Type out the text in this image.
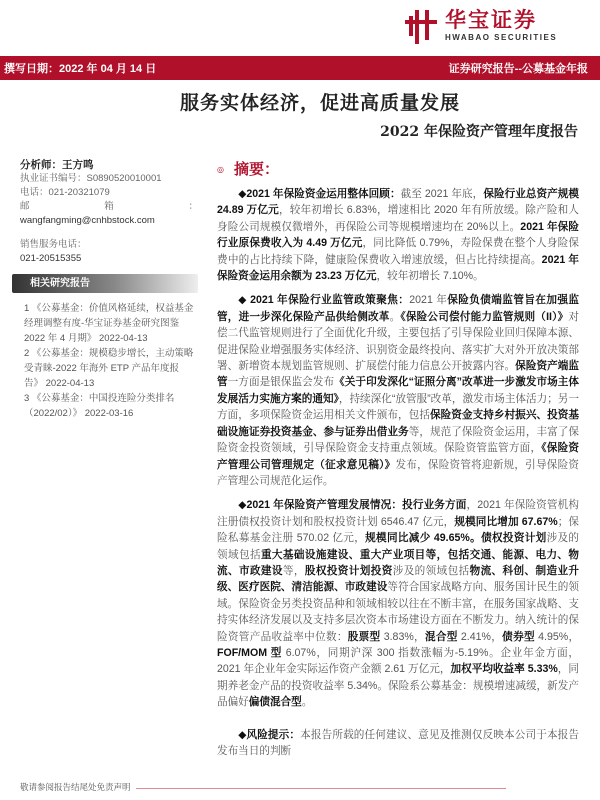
华宝证券
HWABAO SECURITIES
撰写日期：2022 年 04 月 14 日	证券研究报告--公募基金年报
服务实体经济，促进高质量发展
2022 年保险资产管理年度报告
分析师：王方鸣
执业证书编号：S0890520010001
电话：021-20321079
邮	箱	：
wangfangming@cnhbstock.com
销售服务电话：
021-20515355
相关研究报告
1 《公募基金：价值风格延续，权益基金经理调整有度-华宝证券基金研究图鉴 2022 年 4 月期》 2022-04-13
2 《公募基金：规模稳步增长，主动策略受青睐-2022 年海外 ETP 产品年度报告》 2022-04-13
3 《公募基金：中国投连险分类排名（2022/02）》 2022-03-16
◎ 摘要：

◆2021 年保险资金运用整体回顾：截至 2021 年底，保险行业总资产规模 24.89 万亿元，较年初增长 6.83%，增速相比 2020 年有所放缓。除产险和人身险公司规模仅微增外，再保险公司等规模增速均在 20%以上。2021 年保险行业原保费收入为 4.49 万亿元，同比降低 0.79%，寿险保费在整个人身险保费中的占比持续下降，健康险保费收入增速放缓，但占比持续提高。2021 年保险资金运用余额为 23.23 万亿元，较年初增长 7.10%。

◆ 2021 年保险行业监管政策聚焦：2021 年保险负债端监管旨在加强监管，进一步深化保险产品供给侧改革。《保险公司偿付能力监管规则（II）》对偿二代监管规则进行了全面优化升级，主要包括了引导保险业回归保障本源、促进保险业增强服务实体经济、识别资金最终投向、落实扩大对外开放决策部署、新增资本规划监管规则、扩展偿付能力信息公开披露内容。保险资产端监管一方面是银保监会发布《关于印发深化“证照分离”改革进一步激发市场主体发展活力实施方案的通知》，持续深化“放管服”改革，激发市场主体活力；另一方面，多项保险资金运用相关文件颁布，包括保险资金支持乡村振兴、投资基础设施证券投资基金、参与证券出借业务等，规范了保险资金运用，丰富了保险资金投资领域，引导保险资金支持重点领域。保险资管监管方面，《保险资产管理公司管理规定（征求意见稿）》发布，保险资管将迎新规，引导保险资产管理公司规范化运作。

◆2021 年保险资产管理发展情况：投行业务方面，2021 年保险资管机构注册债权投资计划和股权投资计划 6546.47 亿元，规模同比增加 67.67%；保险私募基金注册 570.02 亿元，规模同比减少 49.65%。债权投资计划涉及的领域包括重大基础设施建设、重大产业项目等，包括交通、能源、电力、物流、市政建设等，股权投资计划投资涉及的领域包括物流、科创、制造业升级、医疗医院、清洁能源、市政建设等符合国家战略方向、服务国计民生的领域。保险资金另类投资品种和领域相较以往在不断丰富，在服务国家战略、支持实体经济发展以及支持多层次资本市场建设方面在不断发力。纳入统计的保险资管产品收益率中位数：股票型 3.83%，混合型 2.41%，债券型 4.95%，FOF/MOM 型 6.07%，同期沪深 300 指数涨幅为-5.19%。企业年金方面，2021 年企业年金实际运作资产金额 2.61 万亿元，加权平均收益率 5.33%，同期养老金产品的投资收益率 5.34%。保险系公募基金：规模增速减缓，新发产品偏好偏债混合型。

◆风险提示：本报告所载的任何建议、意见及推测仅反映本公司于本报告发布当日的判断

敬请参阅报告结尾处免责声明
